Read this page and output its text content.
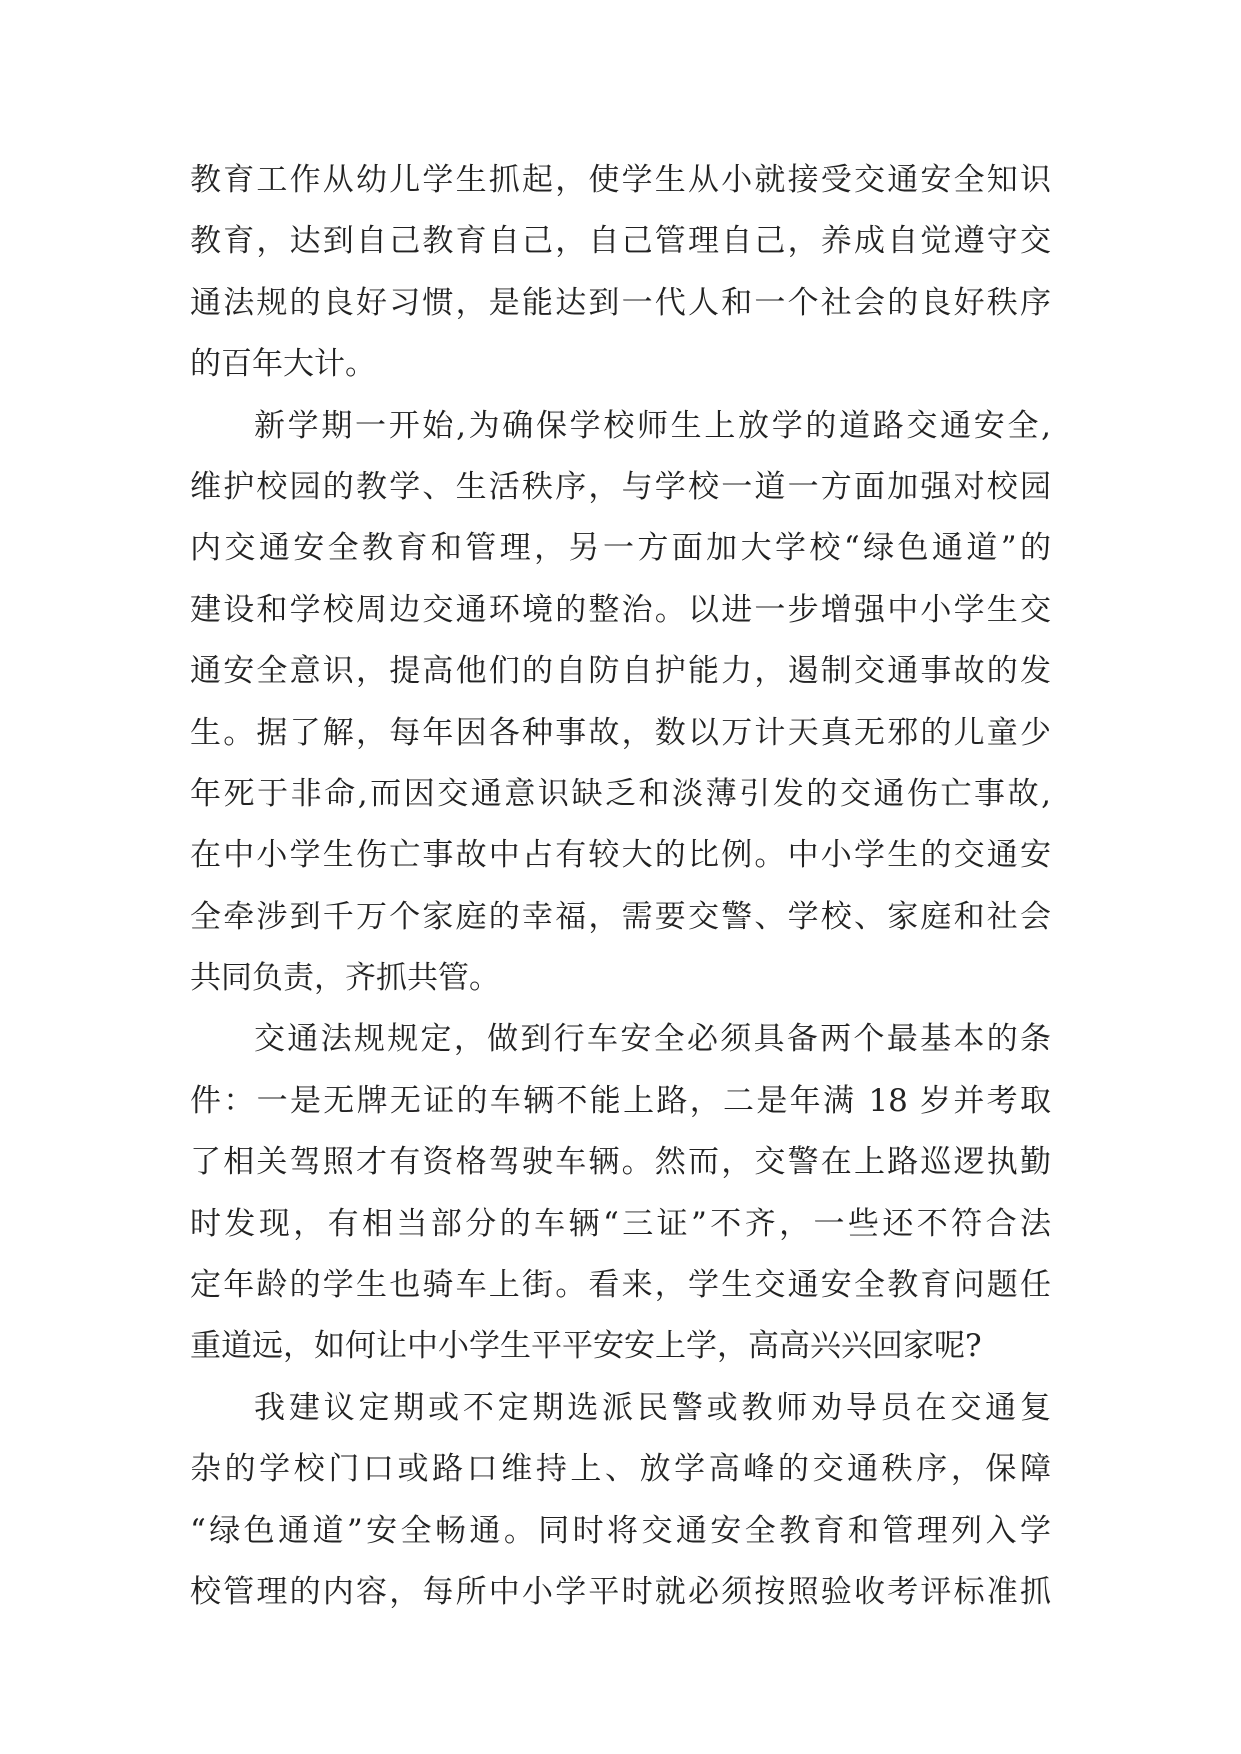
教育工作从幼儿学生抓起，使学生从小就接受交通安全知识
教育，达到自己教育自己，自己管理自己，养成自觉遵守交
通法规的良好习惯，是能达到一代人和一个社会的良好秩序
的百年大计。
新学期一开始,为确保学校师生上放学的道路交通安全,
维护校园的教学、生活秩序，与学校一道一方面加强对校园
内交通安全教育和管理，另一方面加大学校“绿色通道”的
建设和学校周边交通环境的整治。以进一步增强中小学生交
通安全意识，提高他们的自防自护能力，遏制交通事故的发
生。据了解，每年因各种事故，数以万计天真无邪的儿童少
年死于非命,而因交通意识缺乏和淡薄引发的交通伤亡事故,
在中小学生伤亡事故中占有较大的比例。中小学生的交通安
全牵涉到千万个家庭的幸福，需要交警、学校、家庭和社会
共同负责，齐抓共管。
交通法规规定，做到行车安全必须具备两个最基本的条
件：一是无牌无证的车辆不能上路，二是年满 18 岁并考取
了相关驾照才有资格驾驶车辆。然而，交警在上路巡逻执勤
时发现，有相当部分的车辆“三证”不齐，一些还不符合法
定年龄的学生也骑车上街。看来，学生交通安全教育问题任
重道远，如何让中小学生平平安安上学，高高兴兴回家呢?
我建议定期或不定期选派民警或教师劝导员在交通复
杂的学校门口或路口维持上、放学高峰的交通秩序，保障
“绿色通道”安全畅通。同时将交通安全教育和管理列入学
校管理的内容，每所中小学平时就必须按照验收考评标准抓
